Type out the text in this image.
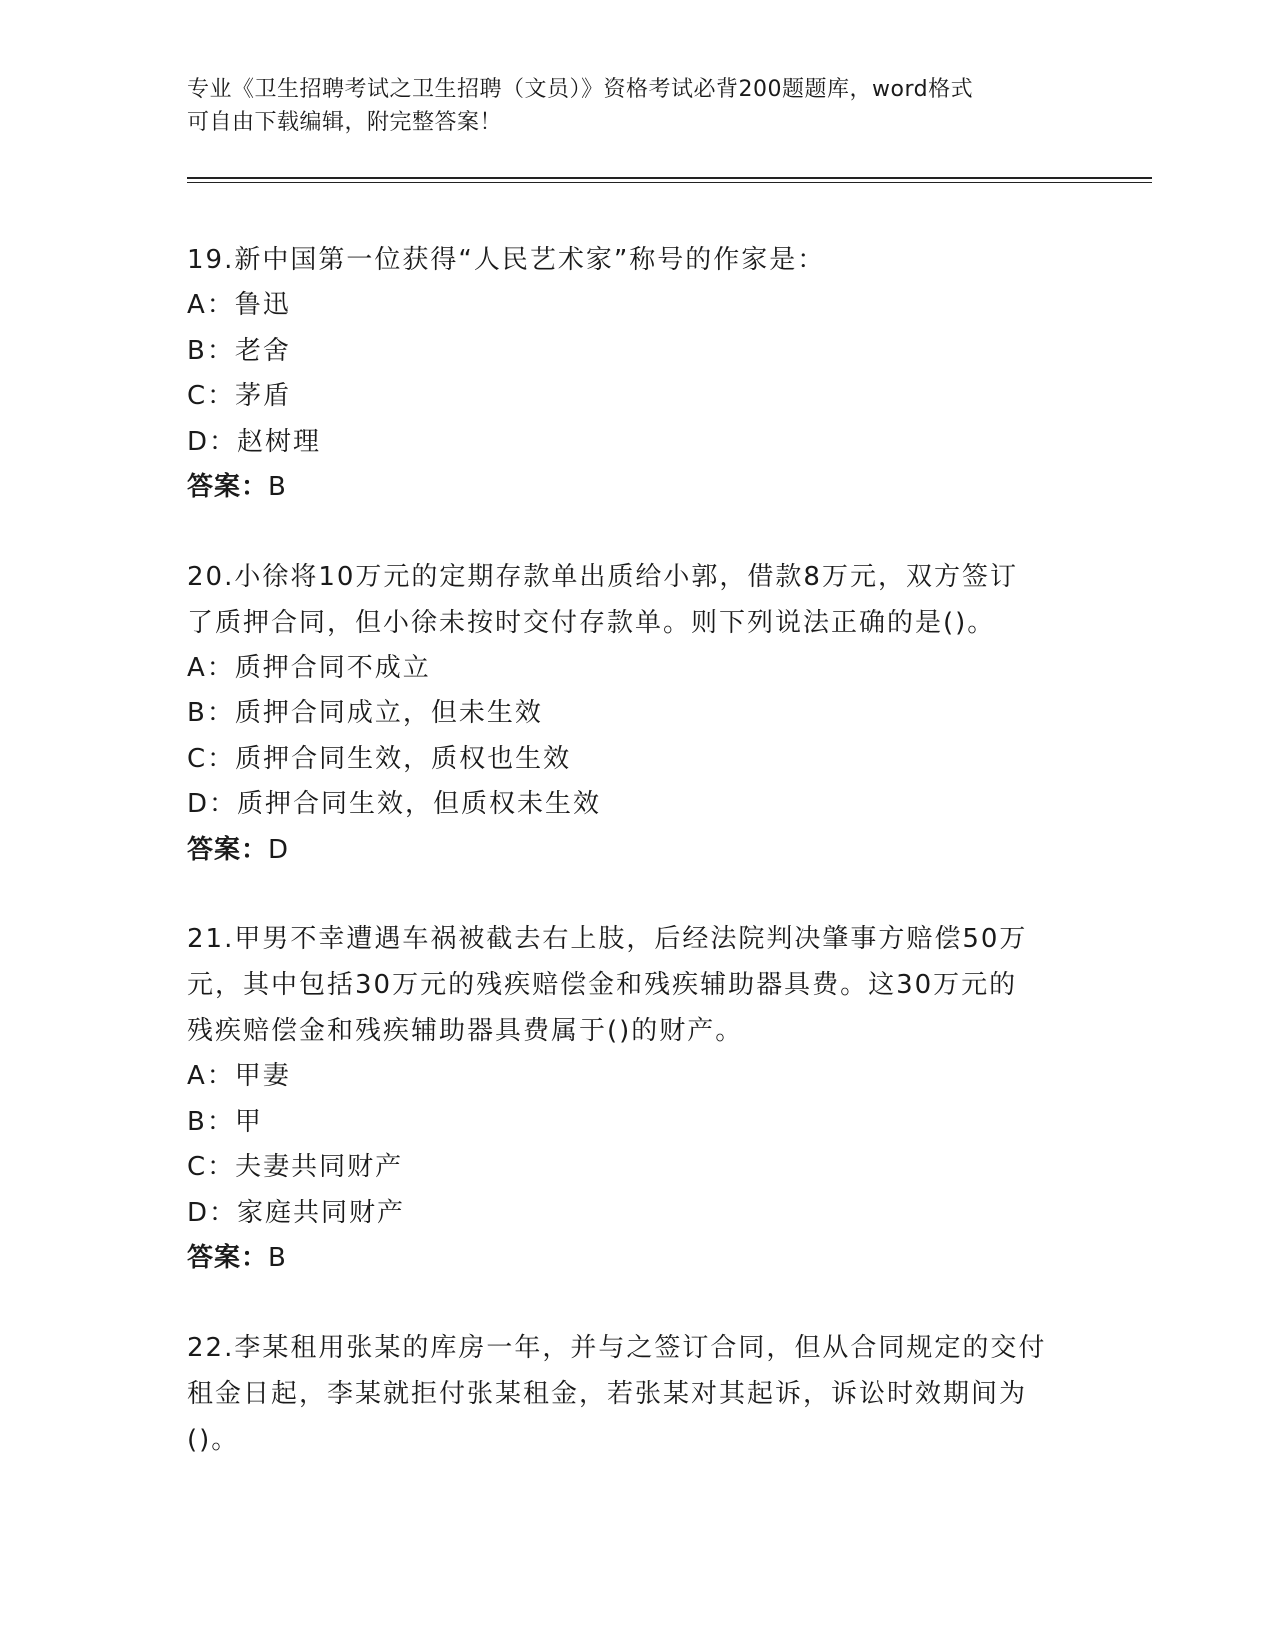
专业《卫生招聘考试之卫生招聘（文员）》资格考试必背200题题库，word格式
可自由下载编辑，附完整答案！
19.新中国第一位获得“人民艺术家”称号的作家是：
A：鲁迅
B：老舍
C：茅盾
D：赵树理
答案：B
20.小徐将10万元的定期存款单出质给小郭，借款8万元，双方签订
了质押合同，但小徐未按时交付存款单。则下列说法正确的是()。
A：质押合同不成立
B：质押合同成立，但未生效
C：质押合同生效，质权也生效
D：质押合同生效，但质权未生效
答案：D
21.甲男不幸遭遇车祸被截去右上肢，后经法院判决肇事方赔偿50万
元，其中包括30万元的残疾赔偿金和残疾辅助器具费。这30万元的
残疾赔偿金和残疾辅助器具费属于()的财产。
A：甲妻
B：甲
C：夫妻共同财产
D：家庭共同财产
答案：B
22.李某租用张某的库房一年，并与之签订合同，但从合同规定的交付
租金日起，李某就拒付张某租金，若张某对其起诉，诉讼时效期间为
()。
